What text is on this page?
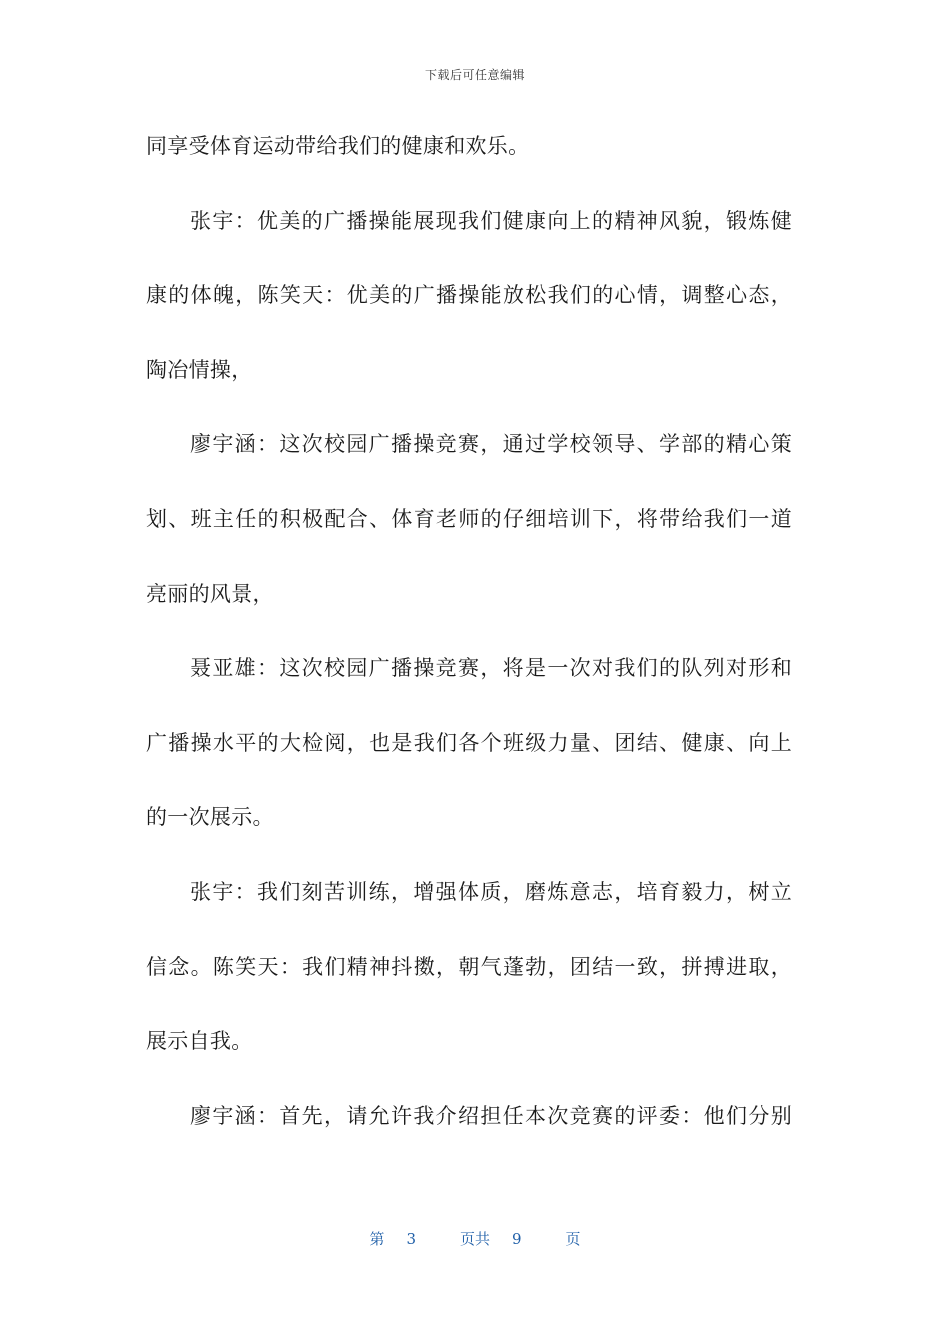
下载后可任意编辑
同享受体育运动带给我们的健康和欢乐。
张宇：优美的广播操能展现我们健康向上的精神风貌，锻炼健
康的体魄，陈笑天：优美的广播操能放松我们的心情，调整心态，
陶冶情操，
廖宇涵：这次校园广播操竞赛，通过学校领导、学部的精心策
划、班主任的积极配合、体育老师的仔细培训下，将带给我们一道
亮丽的风景，
聂亚雄：这次校园广播操竞赛，将是一次对我们的队列对形和
广播操水平的大检阅，也是我们各个班级力量、团结、健康、向上
的一次展示。
张宇：我们刻苦训练，增强体质，磨炼意志，培育毅力，树立
信念。陈笑天：我们精神抖擞，朝气蓬勃，团结一致，拼搏进取，
展示自我。
廖宇涵：首先，请允许我介绍担任本次竞赛的评委：他们分别
第 3	页共 9	页
